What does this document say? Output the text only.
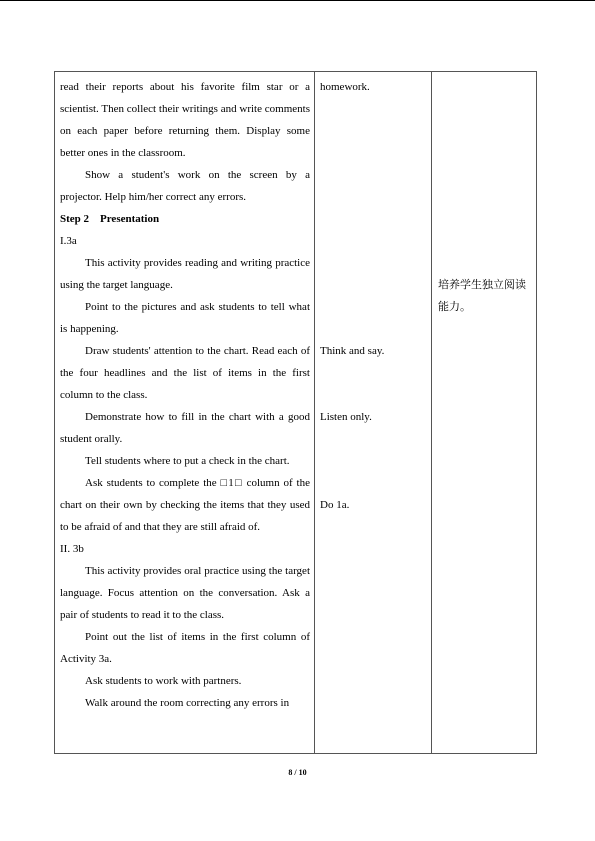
read their reports about his favorite film star or a scientist. Then collect their writings and write comments on each paper before returning them. Display some better ones in the classroom.

Show a student's work on the screen by a projector. Help him/her correct any errors.

Step 2    Presentation

I.3a

This activity provides reading and writing practice using the target language.

Point to the pictures and ask students to tell what is happening.

Draw students' attention to the chart. Read each of the four headlines and the list of items in the first column to the class.

Demonstrate how to fill in the chart with a good student orally.

Tell students where to put a check in the chart.

Ask students to complete the □1□ column of the chart on their own by checking the items that they used to be afraid of and that they are still afraid of.

II. 3b

This activity provides oral practice using the target language. Focus attention on the conversation. Ask a pair of students to read it to the class.

Point out the list of items in the first column of Activity 3a.

Ask students to work with partners.

Walk around the room correcting any errors in

homework.
Think and say.
Listen only.
Do 1a.
培养学生独立阅读能力。
8 / 10
